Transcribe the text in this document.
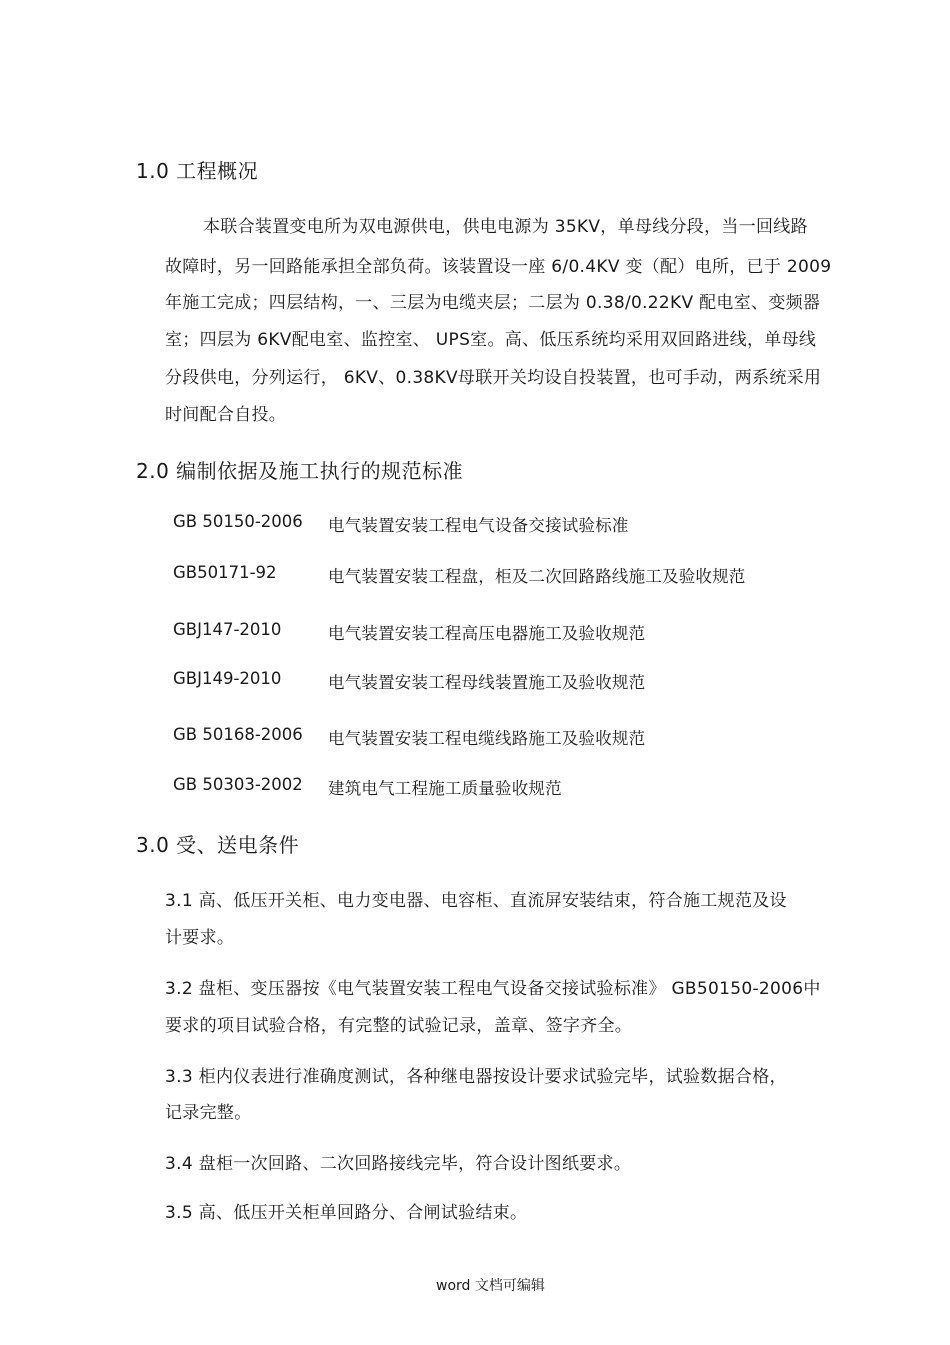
1.0 工程概况
本联合装置变电所为双电源供电，供电电源为 35KV，单母线分段，当一回线路
故障时，另一回路能承担全部负荷。该装置设一座 6/0.4KV 变（配）电所，已于 2009
年施工完成；四层结构，一、三层为电缆夹层；二层为 0.38/0.22KV 配电室、变频器
室；四层为 6KV配电室、监控室、 UPS室。高、低压系统均采用双回路进线，单母线
分段供电，分列运行， 6KV、0.38KV母联开关均设自投装置，也可手动，两系统采用
时间配合自投。
2.0 编制依据及施工执行的规范标准
GB 50150-2006 电气装置安装工程电气设备交接试验标准
GB50171-92	电气装置安装工程盘，柜及二次回路路线施工及验收规范
GBJ147-2010	电气装置安装工程高压电器施工及验收规范
GBJ149-2010	电气装置安装工程母线装置施工及验收规范
GB 50168-2006 电气装置安装工程电缆线路施工及验收规范
GB 50303-2002 建筑电气工程施工质量验收规范
3.0 受、送电条件
3.1 高、低压开关柜、电力变电器、电容柜、直流屏安装结束，符合施工规范及设
计要求。
3.2 盘柜、变压器按《电气装置安装工程电气设备交接试验标准》 GB50150-2006中
要求的项目试验合格，有完整的试验记录，盖章、签字齐全。
3.3 柜内仪表进行准确度测试，各种继电器按设计要求试验完毕，试验数据合格，
记录完整。
3.4 盘柜一次回路、二次回路接线完毕，符合设计图纸要求。
3.5 高、低压开关柜单回路分、合闸试验结束。
word 文档可编辑
